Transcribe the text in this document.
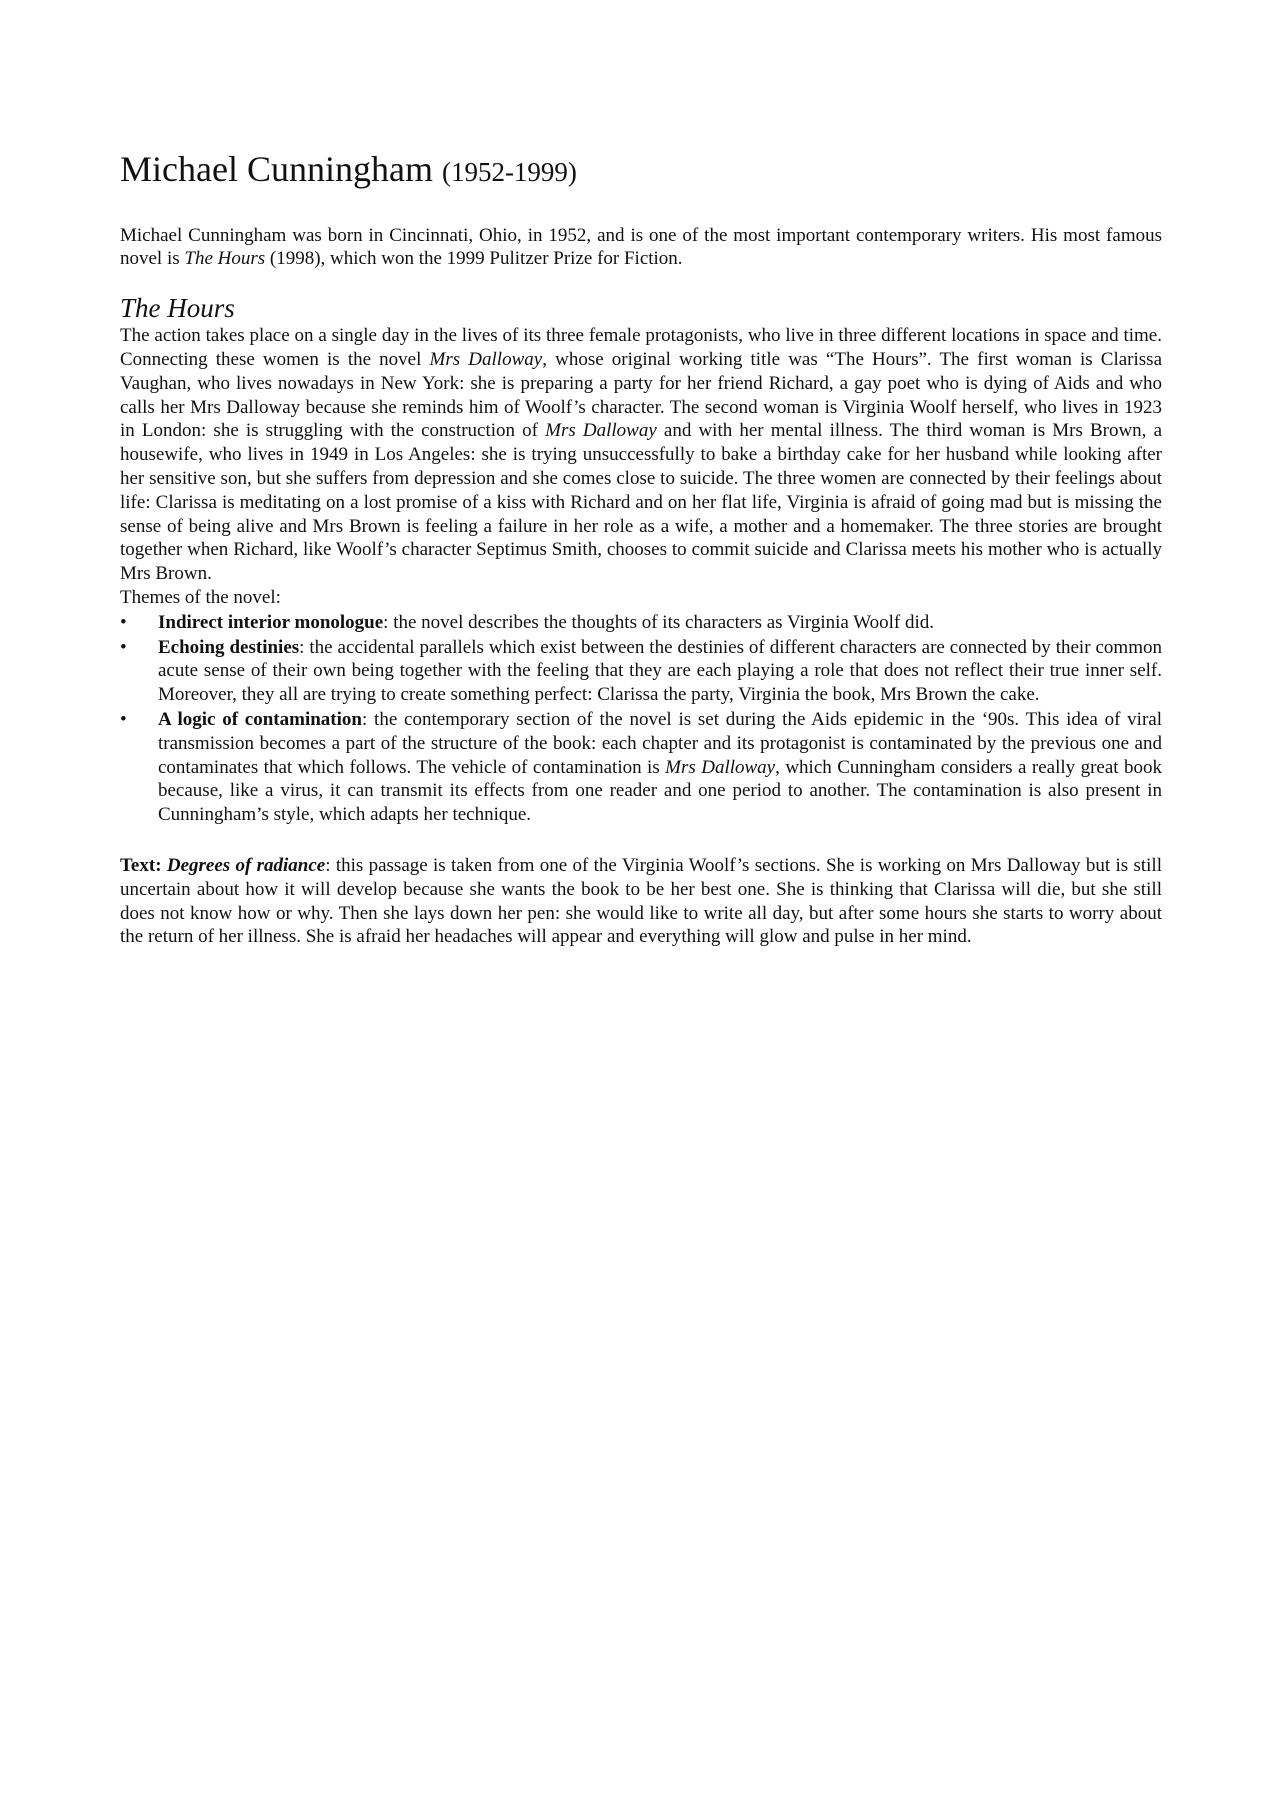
Michael Cunningham (1952-1999)

Michael Cunningham was born in Cincinnati, Ohio, in 1952, and is one of the most important contemporary writers. His most famous novel is The Hours (1998), which won the 1999 Pulitzer Prize for Fiction.

The Hours

The action takes place on a single day in the lives of its three female protagonists, who live in three different locations in space and time. Connecting these women is the novel Mrs Dalloway, whose original working title was “The Hours”. The first woman is Clarissa Vaughan, who lives nowadays in New York: she is preparing a party for her friend Richard, a gay poet who is dying of Aids and who calls her Mrs Dalloway because she reminds him of Woolf’s character. The second woman is Virginia Woolf herself, who lives in 1923 in London: she is struggling with the construction of Mrs Dalloway and with her mental illness. The third woman is Mrs Brown, a housewife, who lives in 1949 in Los Angeles: she is trying unsuccessfully to bake a birthday cake for her husband while looking after her sensitive son, but she suffers from depression and she comes close to suicide. The three women are connected by their feelings about life: Clarissa is meditating on a lost promise of a kiss with Richard and on her flat life, Virginia is afraid of going mad but is missing the sense of being alive and Mrs Brown is feeling a failure in her role as a wife, a mother and a homemaker. The three stories are brought together when Richard, like Woolf’s character Septimus Smith, chooses to commit suicide and Clarissa meets his mother who is actually Mrs Brown.

Themes of the novel:

• Indirect interior monologue: the novel describes the thoughts of its characters as Virginia Woolf did.
• Echoing destinies: the accidental parallels which exist between the destinies of different characters are connected by their common acute sense of their own being together with the feeling that they are each playing a role that does not reflect their true inner self. Moreover, they all are trying to create something perfect: Clarissa the party, Virginia the book, Mrs Brown the cake.
• A logic of contamination: the contemporary section of the novel is set during the Aids epidemic in the ‘90s. This idea of viral transmission becomes a part of the structure of the book: each chapter and its protagonist is contaminated by the previous one and contaminates that which follows. The vehicle of contamination is Mrs Dalloway, which Cunningham considers a really great book because, like a virus, it can transmit its effects from one reader and one period to another. The contamination is also present in Cunningham’s style, which adapts her technique.

Text: Degrees of radiance: this passage is taken from one of the Virginia Woolf’s sections. She is working on Mrs Dalloway but is still uncertain about how it will develop because she wants the book to be her best one. She is thinking that Clarissa will die, but she still does not know how or why. Then she lays down her pen: she would like to write all day, but after some hours she starts to worry about the return of her illness. She is afraid her headaches will appear and everything will glow and pulse in her mind.
